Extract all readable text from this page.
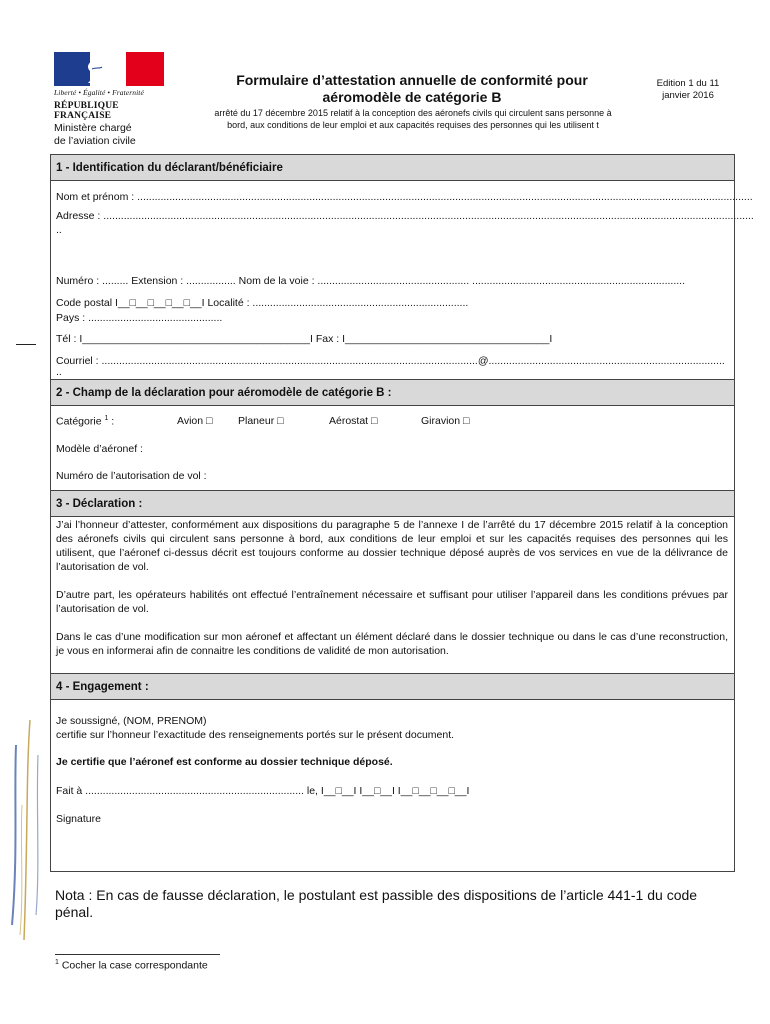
Liberté • Égalité • Fraternité
RÉPUBLIQUE FRANÇAISE
Ministère chargé
de l’aviation civile
Formulaire d’attestation annuelle de conformité pour
aéromodèle de catégorie B
arrêté du 17 décembre 2015 relatif à la conception des aéronefs civils qui circulent sans personne à
bord, aux conditions de leur emploi et aux capacités requises des personnes qui les utilisent t
Edition 1 du 11
janvier 2016
1 - Identification du déclarant/bénéficiaire
Nom et prénom : ...................................................................................................................................................................................................................
Adresse : ...............................................................................................................................................................................................................................
..
Numéro : ......... Extension : ................. Nom de la voie : .................................................... .........................................................................
Code postal I__□__□__□__□__I Localité : ..........................................................................
Pays : ..............................................
Tél : I_______________________________________I Fax : I___________________________________I
Courriel : .................................................................................................................................@.................................................................................
..
2 - Champ de la déclaration pour aéromodèle de catégorie B :
Catégorie $^1$ :	Avion □ Planeur □	Aérostat □	Giravion □
Modèle d’aéronef :
Numéro de l’autorisation de vol :
3 - Déclaration :
J’ai l’honneur d’attester, conformément aux dispositions du paragraphe 5 de l’annexe I de l’arrêté du 17 décembre 2015 relatif à la conception des aéronefs civils qui circulent sans personne à bord, aux conditions de leur emploi et sur les capacités requises des personnes qui les utilisent, que l’aéronef ci-dessus décrit est toujours conforme au dossier technique déposé auprès de vos services en vue de la délivrance de l’autorisation de vol.
D’autre part, les opérateurs habilités ont effectué l’entraînement nécessaire et suffisant pour utiliser l’appareil dans les conditions prévues par l’autorisation de vol.
Dans le cas d’une modification sur mon aéronef et affectant un élément déclaré dans le dossier technique ou dans le cas d’une reconstruction, je vous en informerai afin de connaitre les conditions de validité de mon autorisation.
4 - Engagement :
Je soussigné, (NOM, PRENOM)
certifie sur l’honneur l’exactitude des renseignements portés sur le présent document.
Je certifie que l’aéronef est conforme au dossier technique déposé.
Fait à ........................................................................... le, I__□__I I__□__I I__□__□__□__I
Signature
Nota : En cas de fausse déclaration, le postulant est passible des dispositions de l’article 441-1 du code pénal.
$^1$ Cocher la case correspondante
